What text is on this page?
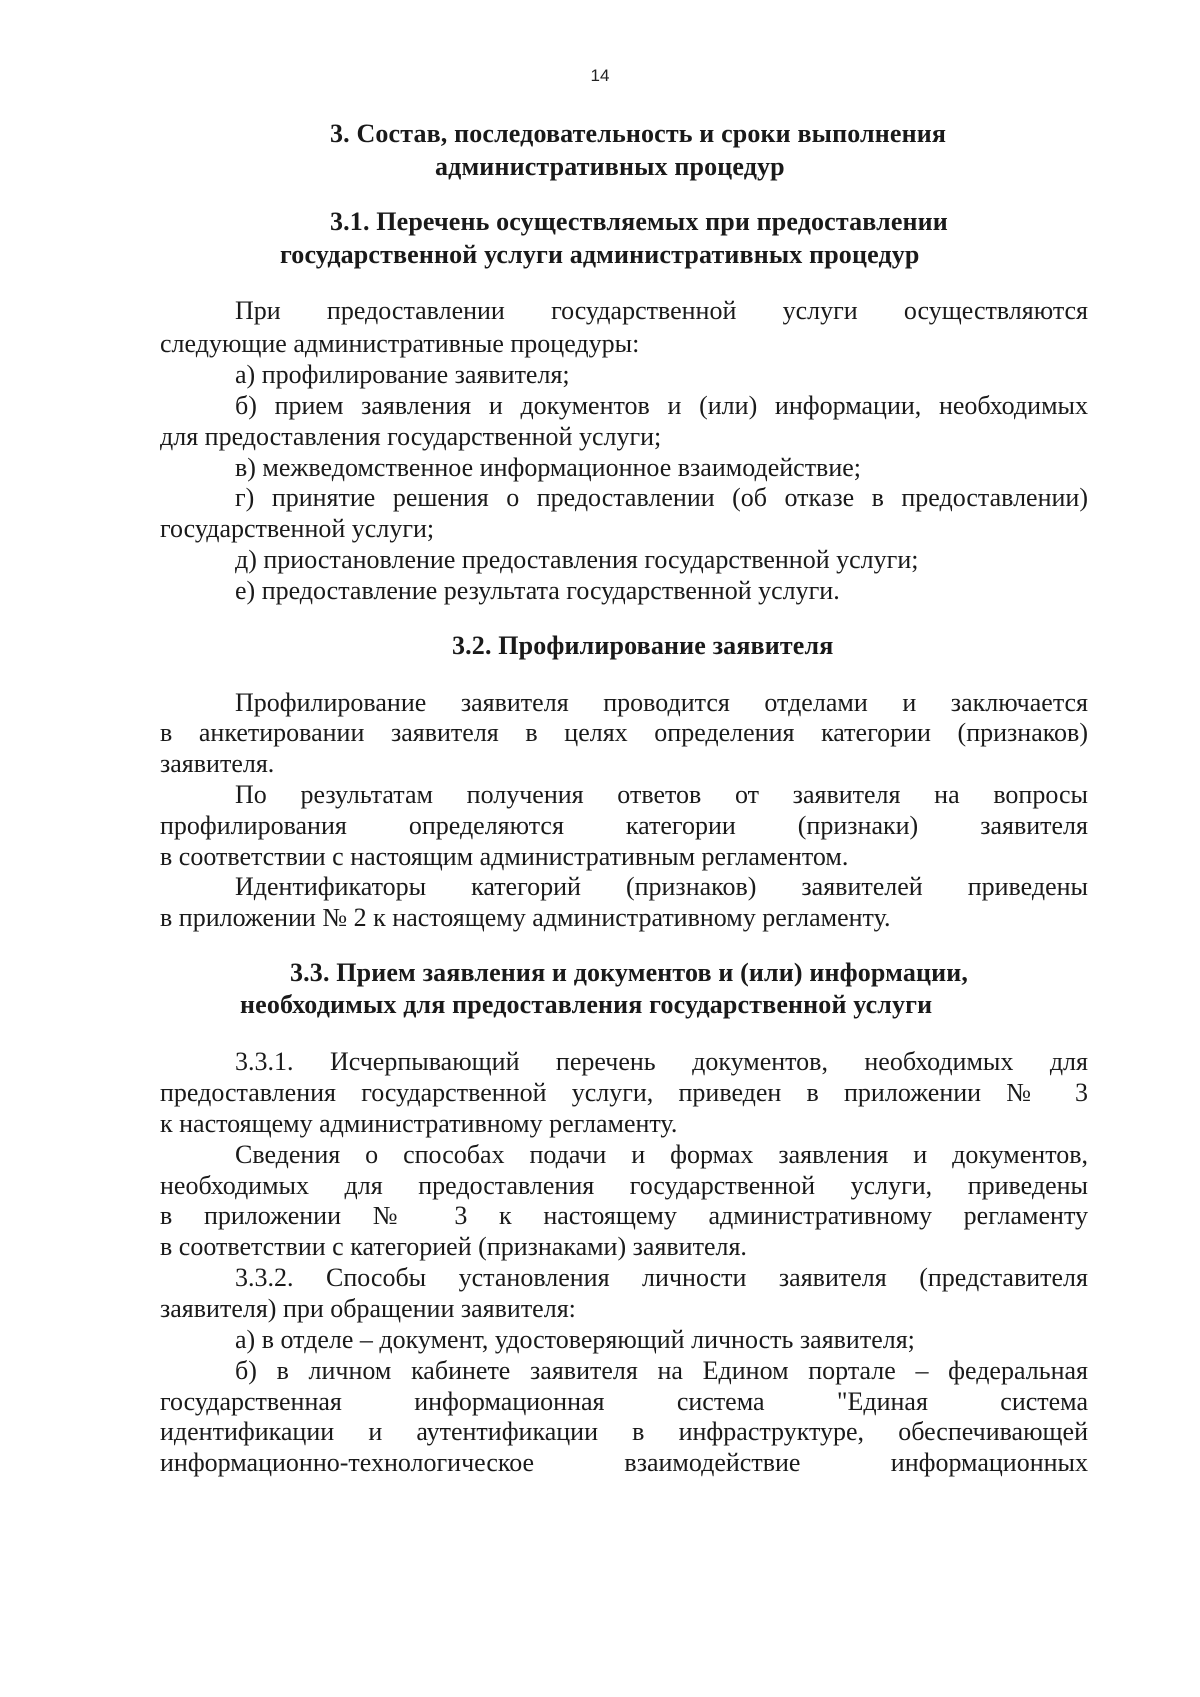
14
3. Состав, последовательность и сроки выполнения
административных процедур
3.1. Перечень осуществляемых при предоставлении
государственной услуги административных процедур
При предоставлении государственной услуги осуществляются
следующие административные процедуры:
а) профилирование заявителя;
б) прием заявления и документов и (или) информации, необходимых
для предоставления государственной услуги;
в) межведомственное информационное взаимодействие;
г) принятие решения о предоставлении (об отказе в предоставлении)
государственной услуги;
д) приостановление предоставления государственной услуги;
е) предоставление результата государственной услуги.
3.2. Профилирование заявителя
Профилирование заявителя проводится отделами и заключается
в анкетировании заявителя в целях определения категории (признаков)
заявителя.
По результатам получения ответов от заявителя на вопросы
профилирования определяются категории (признаки) заявителя
в соответствии с настоящим административным регламентом.
Идентификаторы категорий (признаков) заявителей приведены
в приложении № 2 к настоящему административному регламенту.
3.3. Прием заявления и документов и (или) информации,
необходимых для предоставления государственной услуги
3.3.1. Исчерпывающий перечень документов, необходимых для
предоставления государственной услуги, приведен в приложении № 3
к настоящему административному регламенту.
Сведения о способах подачи и формах заявления и документов,
необходимых для предоставления государственной услуги, приведены
в приложении № 3 к настоящему административному регламенту
в соответствии с категорией (признаками) заявителя.
3.3.2. Способы установления личности заявителя (представителя
заявителя) при обращении заявителя:
а) в отделе – документ, удостоверяющий личность заявителя;
б) в личном кабинете заявителя на Едином портале – федеральная
государственная информационная система "Единая система
идентификации и аутентификации в инфраструктуре, обеспечивающей
информационно-технологическое взаимодействие информационных
